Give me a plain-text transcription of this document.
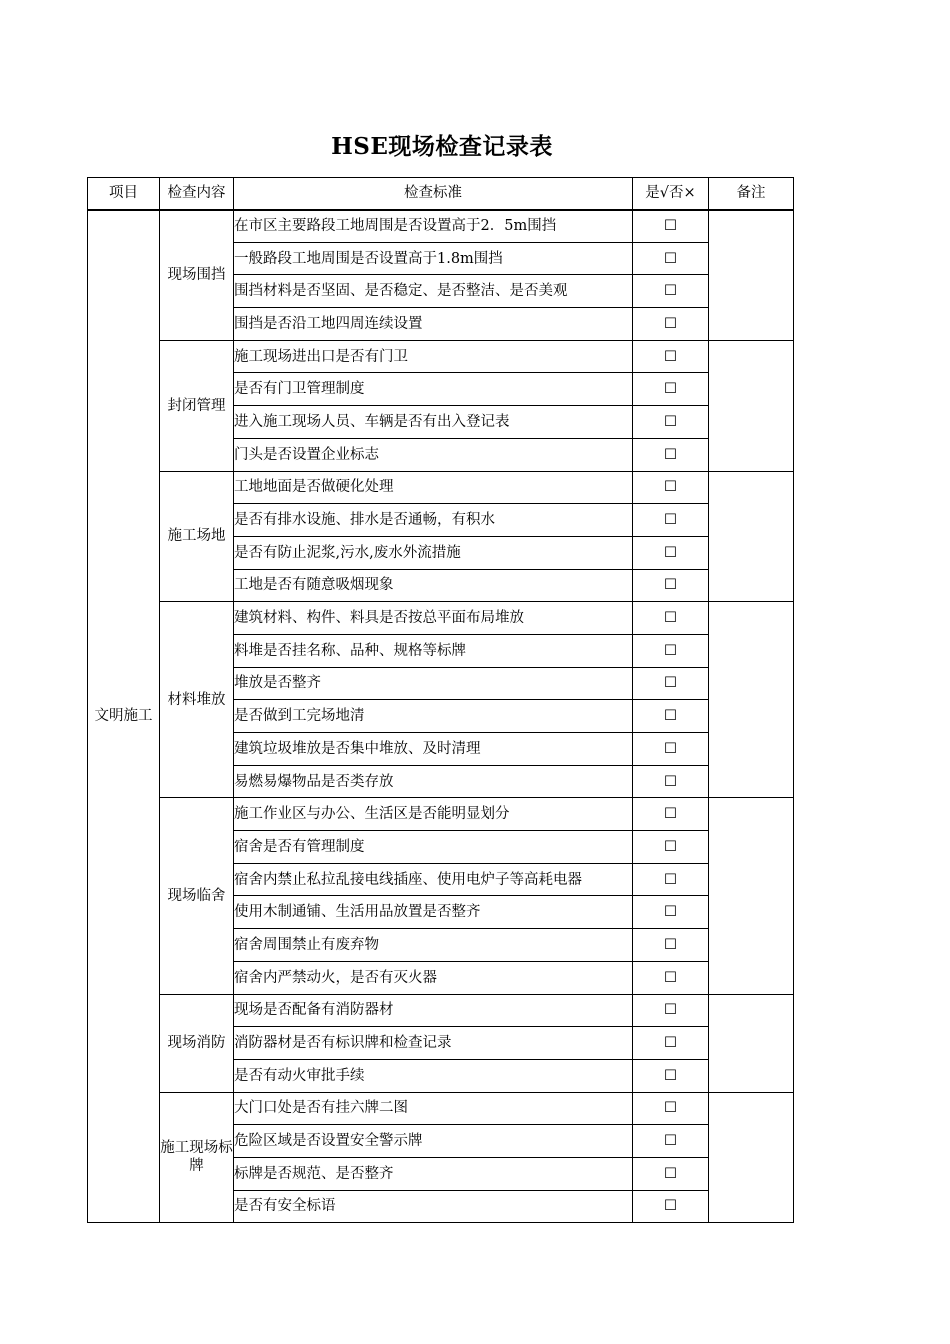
HSE现场检查记录表
项目	检查内容	检查标准	是√否×	备注
文明施工	现场围挡	在市区主要路段工地周围是否设置高于2．5m围挡	☐	
		一般路段工地周围是否设置高于1.8m围挡	☐	
		围挡材料是否坚固、是否稳定、是否整洁、是否美观	☐	
		围挡是否沿工地四周连续设置	☐	
	封闭管理	施工现场进出口是否有门卫	☐	
		是否有门卫管理制度	☐	
		进入施工现场人员、车辆是否有出入登记表	☐	
		门头是否设置企业标志	☐	
	施工场地	工地地面是否做硬化处理	☐	
		是否有排水设施、排水是否通畅，有积水	☐	
		是否有防止泥浆,污水,废水外流措施	☐	
		工地是否有随意吸烟现象	☐	
	材料堆放	建筑材料、构件、料具是否按总平面布局堆放	☐	
		料堆是否挂名称、品种、规格等标牌	☐	
		堆放是否整齐	☐	
		是否做到工完场地清	☐	
		建筑垃圾堆放是否集中堆放、及时清理	☐	
		易燃易爆物品是否类存放	☐	
	现场临舍	施工作业区与办公、生活区是否能明显划分	☐	
		宿舍是否有管理制度	☐	
		宿舍内禁止私拉乱接电线插座、使用电炉子等高耗电器	☐	
		使用木制通铺、生活用品放置是否整齐	☐	
		宿舍周围禁止有废弃物	☐	
		宿舍内严禁动火，是否有灭火器	☐	
	现场消防	现场是否配备有消防器材	☐	
		消防器材是否有标识牌和检查记录	☐	
		是否有动火审批手续	☐	
	施工现场标牌	大门口处是否有挂六牌二图	☐	
		危险区域是否设置安全警示牌	☐	
		标牌是否规范、是否整齐	☐	
		是否有安全标语	☐	
